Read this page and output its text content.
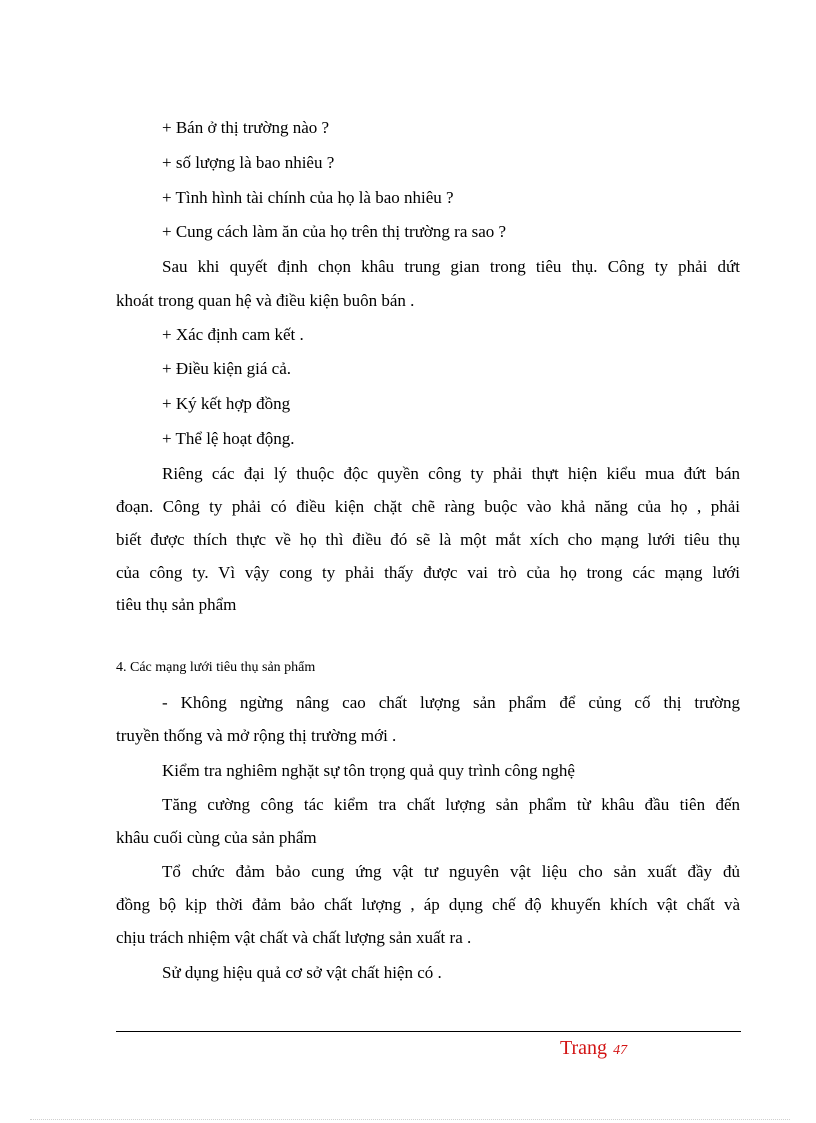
+ Bán ở thị trường nào ?
+ số lượng là bao nhiêu ?
+ Tình hình tài chính của họ là bao nhiêu ?
+ Cung cách làm ăn của họ trên thị trường ra sao ?
Sau khi quyết định chọn khâu trung gian trong tiêu thụ. Công ty phải dứt
khoát trong quan hệ và điều kiện buôn bán .
+ Xác định cam kết .
+ Điều kiện giá cả.
+ Ký kết hợp đồng
+ Thể lệ hoạt động.
Riêng các đại lý thuộc độc quyền công ty phải thựt hiện kiểu mua đứt bán
đoạn. Công ty phải có điều kiện chặt chẽ ràng buộc vào khả năng của họ , phải
biết được thích thực về họ thì điều đó sẽ là một mắt xích cho mạng lưới tiêu thụ
của công ty. Vì vậy cong ty phải thấy được vai trò của họ trong các mạng lưới
tiêu thụ sản phẩm
4. Các mạng lưới tiêu thụ sản phẩm
- Không ngừng nâng cao chất lượng sản phẩm để củng cố thị trường
truyền thống và mở rộng thị trường mới .
Kiểm tra nghiêm nghặt sự tôn trọng quả quy trình công nghệ
Tăng cường công tác kiểm tra chất lượng sản phẩm từ khâu đầu tiên đến
khâu cuối cùng của sản phẩm
Tổ chức đảm bảo cung ứng vật tư nguyên vật liệu cho sản xuất đầy đủ
đồng bộ kịp thời đảm bảo chất lượng , áp dụng chế độ khuyến khích vật chất và
chịu trách nhiệm vật chất và chất lượng sản xuất ra .
Sử dụng hiệu quả cơ sở vật chất hiện có .
Trang 47
